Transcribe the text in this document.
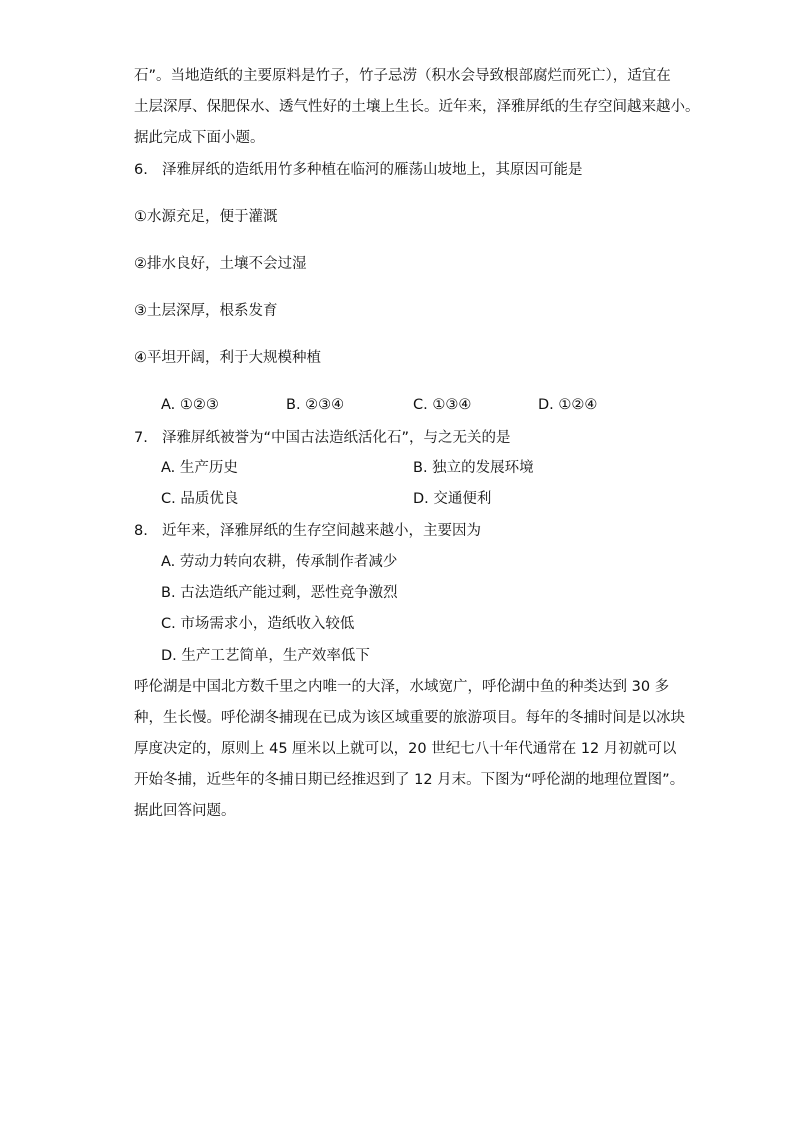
石”。当地造纸的主要原料是竹子，竹子忌涝（积水会导致根部腐烂而死亡），适宜在
土层深厚、保肥保水、透气性好的土壤上生长。近年来，泽雅屏纸的生存空间越来越小。
据此完成下面小题。
6. 泽雅屏纸的造纸用竹多种植在临河的雁荡山坡地上，其原因可能是
①水源充足，便于灌溉
②排水良好，土壤不会过湿
③土层深厚，根系发育
④平坦开阔，利于大规模种植
A. ①②③	B. ②③④	C. ①③④	D. ①②④
7. 泽雅屏纸被誉为“中国古法造纸活化石”，与之无关的是
A. 生产历史	B. 独立的发展环境
C. 品质优良	D. 交通便利
8. 近年来，泽雅屏纸的生存空间越来越小，主要因为
A. 劳动力转向农耕，传承制作者减少
B. 古法造纸产能过剩，恶性竞争激烈
C. 市场需求小，造纸收入较低
D. 生产工艺简单，生产效率低下
呼伦湖是中国北方数千里之内唯一的大泽，水域宽广，呼伦湖中鱼的种类达到 30 多
种，生长慢。呼伦湖冬捕现在已成为该区域重要的旅游项目。每年的冬捕时间是以冰块
厚度决定的，原则上 45 厘米以上就可以，20 世纪七八十年代通常在 12 月初就可以
开始冬捕，近些年的冬捕日期已经推迟到了 12 月末。下图为“呼伦湖的地理位置图”。
据此回答问题。
